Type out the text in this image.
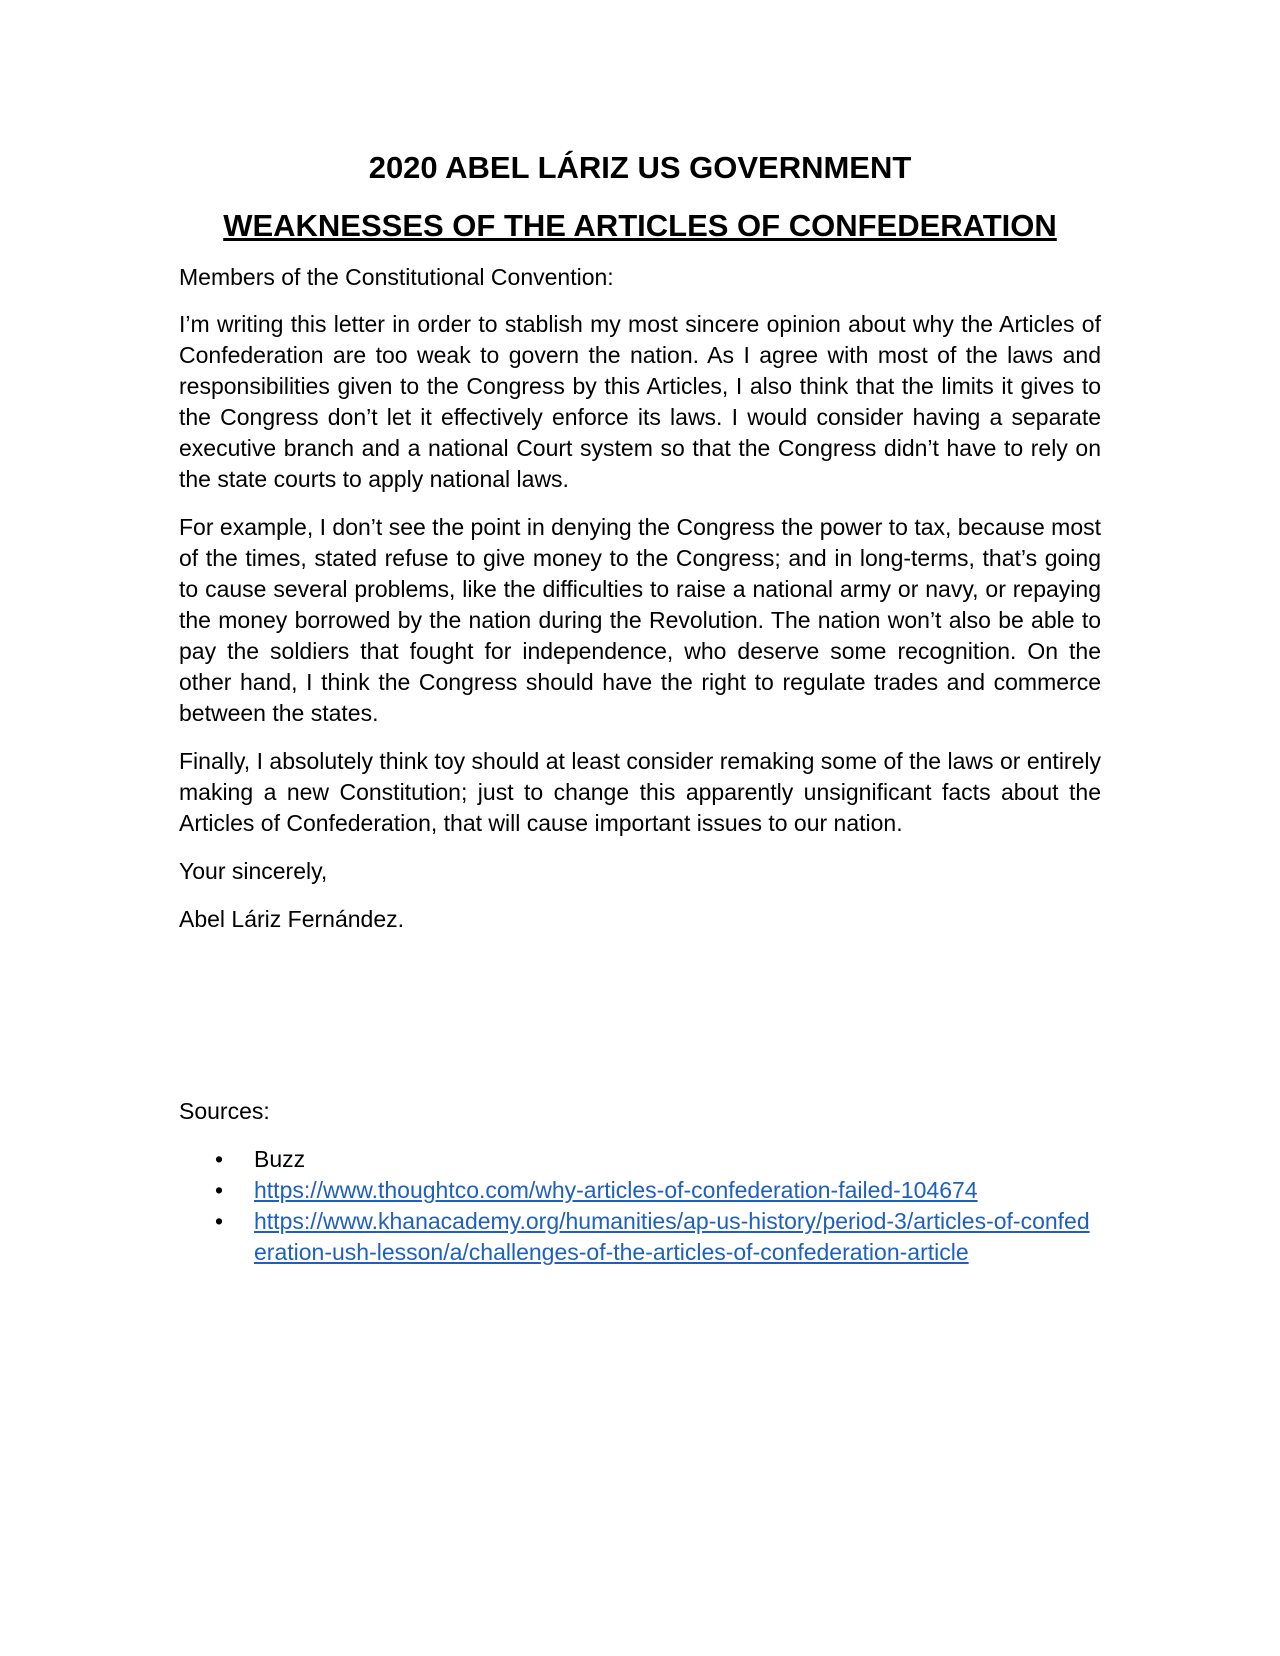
2020 ABEL LÁRIZ US GOVERNMENT
WEAKNESSES OF THE ARTICLES OF CONFEDERATION

Members of the Constitutional Convention:

I’m writing this letter in order to stablish my most sincere opinion about why the Articles of Confederation are too weak to govern the nation. As I agree with most of the laws and responsibilities given to the Congress by this Articles, I also think that the limits it gives to the Congress don’t let it effectively enforce its laws. I would consider having a separate executive branch and a national Court system so that the Congress didn’t have to rely on the state courts to apply national laws.

For example, I don’t see the point in denying the Congress the power to tax, because most of the times, stated refuse to give money to the Congress; and in long-terms, that’s going to cause several problems, like the difficulties to raise a national army or navy, or repaying the money borrowed by the nation during the Revolution. The nation won’t also be able to pay the soldiers that fought for independence, who deserve some recognition. On the other hand, I think the Congress should have the right to regulate trades and commerce between the states.

Finally, I absolutely think toy should at least consider remaking some of the laws or entirely making a new Constitution; just to change this apparently unsignificant facts about the Articles of Confederation, that will cause important issues to our nation.

Your sincerely,

Abel Láriz Fernández.

Sources:

• Buzz
• https://www.thoughtco.com/why-articles-of-confederation-failed-104674
• https://www.khanacademy.org/humanities/ap-us-history/period-3/articles-of-confederation-ush-lesson/a/challenges-of-the-articles-of-confederation-article
